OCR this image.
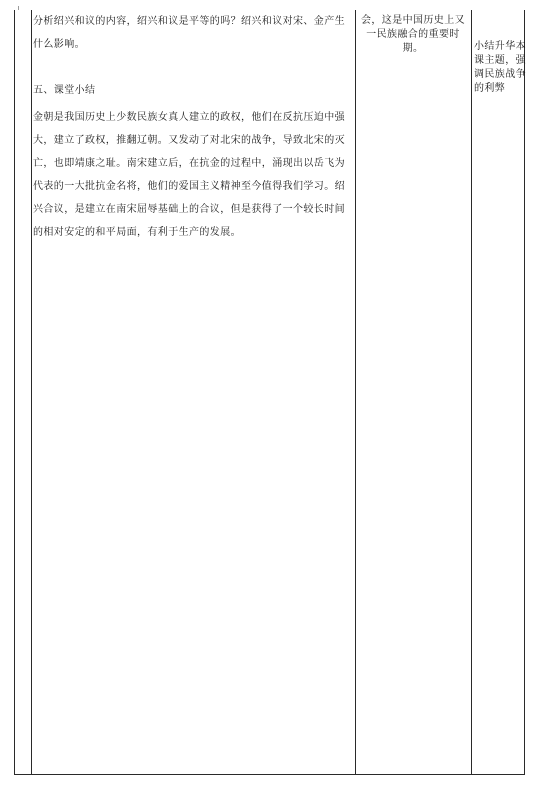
分析绍兴和议的内容，绍兴和议是平等的吗？绍兴和议对宋、金产生什么影响。

五、课堂小结

金朝是我国历史上少数民族女真人建立的政权，他们在反抗压迫中强大，建立了政权，推翻辽朝。又发动了对北宋的战争，导致北宋的灭亡，也即靖康之耻。南宋建立后，在抗金的过程中，涌现出以岳飞为代表的一大批抗金名将，他们的爱国主义精神至今值得我们学习。绍兴合议，是建立在南宋屈辱基础上的合议，但是获得了一个较长时间的相对安定的和平局面，有利于生产的发展。

会，这是中国历史上又一民族融合的重要时期。	小结升华本课主题，强调民族战争的利弊
